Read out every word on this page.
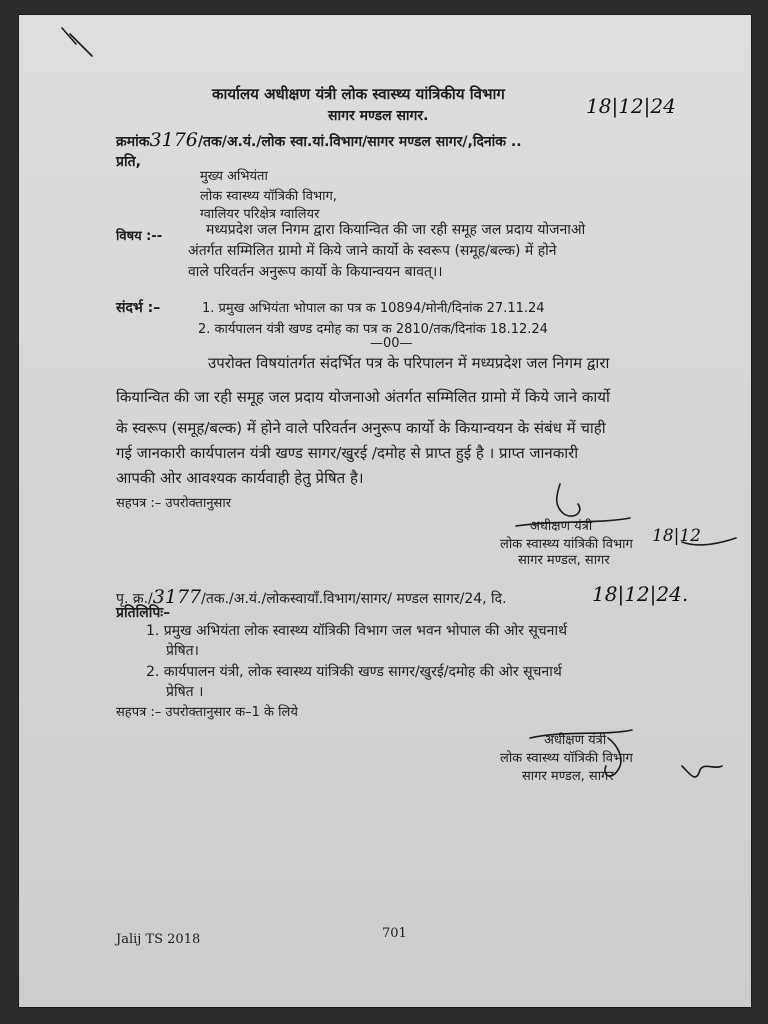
कार्यालय अधीक्षण यंत्री लोक स्वास्थ्य यांत्रिकीय विभाग
सागर मण्डल सागर.	18|12|24
क्रमांक3176/तक/अ.यं./लोक स्वा.यां.विभाग/सागर मण्डल सागर/,दिनांक ..
प्रति,
मुख्य अभियंता
लोक स्वास्थ्य यॉत्रिकी विभाग,
ग्वालियर परिक्षेत्र ग्वालियर
विषय :--	मध्यप्रदेश जल निगम द्वारा कियान्वित की जा रही समूह जल प्रदाय योजनाओ
अंतर्गत सम्मिलित ग्रामो में किये जाने कार्यो के स्वरूप (समूह/बल्क) में होने
वाले परिवर्तन अनुरूप कार्यो के कियान्वयन बावत्।।
संदर्भ :–	1. प्रमुख अभियंता भोपाल का पत्र क 10894/मोनी/दिनांक 27.11.24
2. कार्यपालन यंत्री खण्ड दमोह का पत्र क 2810/तक/दिनांक 18.12.24
—00—
उपरोक्त विषयांतर्गत संदर्भित पत्र के परिपालन में मध्यप्रदेश जल निगम द्वारा
कियान्वित की जा रही समूह जल प्रदाय योजनाओ अंतर्गत सम्मिलित ग्रामो में किये जाने कार्यो
के स्वरूप (समूह/बल्क) में होने वाले परिवर्तन अनुरूप कार्यो के कियान्वयन के संबंध में चाही
गई जानकारी कार्यपालन यंत्री खण्ड सागर/खुरई /दमोह से प्राप्त हुई है । प्राप्त जानकारी
आपकी ओर आवश्यक कार्यवाही हेतु प्रेषित है।
सहपत्र :– उपरोक्तानुसार
अधीक्षण यंत्री
लोक स्वास्थ्य यांत्रिकी विभाग
सागर मण्डल, सागर
18|12
पृ. क्र./3177/तक./अ.यं./लोकस्वायॉं.विभाग/सागर/ मण्डल सागर/24, दि.	18|12|24.
प्रतिलिपिः–
1. प्रमुख अभियंता लोक स्वास्थ्य यॉत्रिकी विभाग जल भवन भोपाल की ओर सूचनार्थ
प्रेषित।
2. कार्यपालन यंत्री, लोक स्वास्थ्य यांत्रिकी खण्ड सागर/खुरई/दमोह की ओर सूचनार्थ
प्रेषित ।
सहपत्र :– उपरोक्तानुसार क–1 के लिये
अधीक्षण यंत्री
लोक स्वास्थ्य यॉत्रिकी विभाग
सागर मण्डल, सागर
Jalij TS 2018	701
